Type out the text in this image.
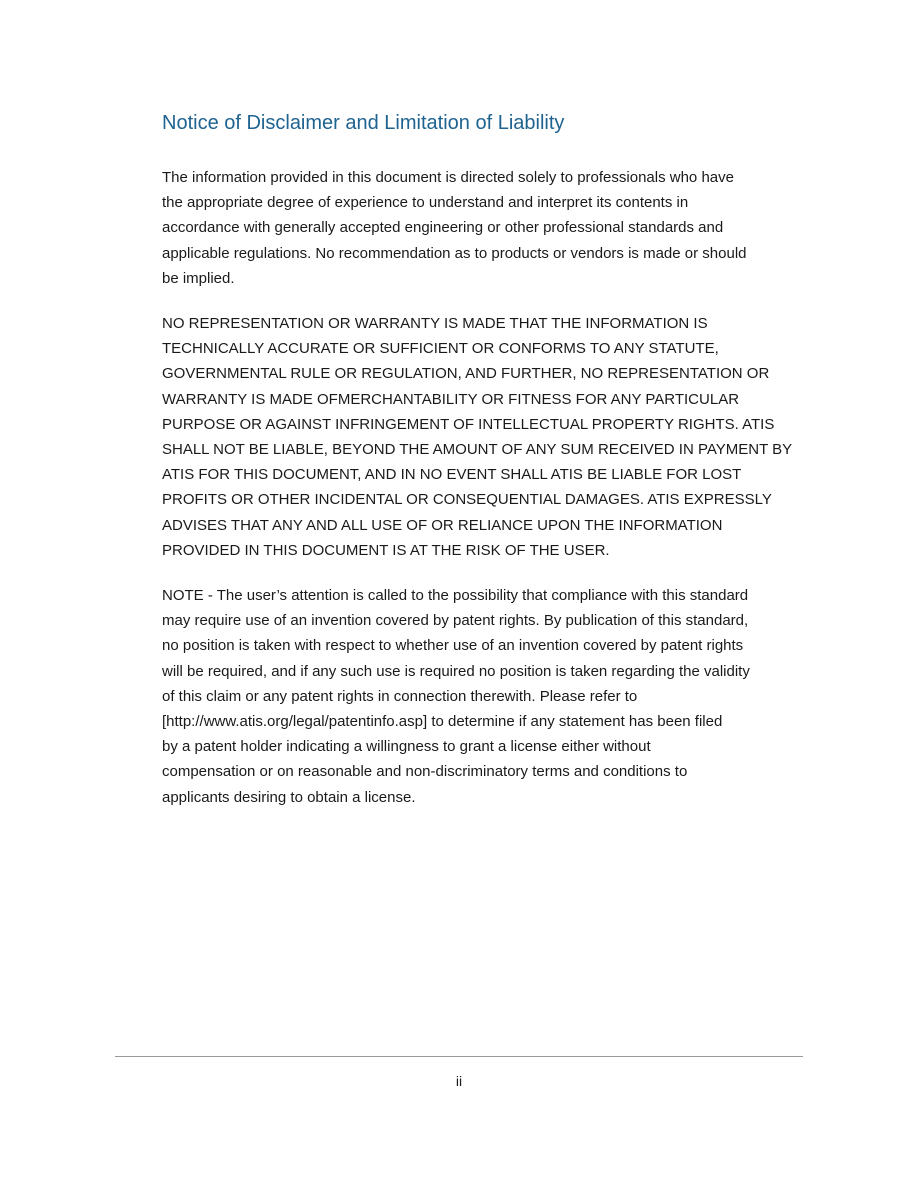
Notice of Disclaimer and Limitation of Liability

The information provided in this document is directed solely to professionals who have
the appropriate degree of experience to understand and interpret its contents in
accordance with generally accepted engineering or other professional standards and
applicable regulations. No recommendation as to products or vendors is made or should
be implied.

NO REPRESENTATION OR WARRANTY IS MADE THAT THE INFORMATION IS
TECHNICALLY ACCURATE OR SUFFICIENT OR CONFORMS TO ANY STATUTE,
GOVERNMENTAL RULE OR REGULATION, AND FURTHER, NO REPRESENTATION OR
WARRANTY IS MADE OFMERCHANTABILITY OR FITNESS FOR ANY PARTICULAR
PURPOSE OR AGAINST INFRINGEMENT OF INTELLECTUAL PROPERTY RIGHTS. ATIS
SHALL NOT BE LIABLE, BEYOND THE AMOUNT OF ANY SUM RECEIVED IN PAYMENT BY
ATIS FOR THIS DOCUMENT, AND IN NO EVENT SHALL ATIS BE LIABLE FOR LOST
PROFITS OR OTHER INCIDENTAL OR CONSEQUENTIAL DAMAGES. ATIS EXPRESSLY
ADVISES THAT ANY AND ALL USE OF OR RELIANCE UPON THE INFORMATION
PROVIDED IN THIS DOCUMENT IS AT THE RISK OF THE USER.

NOTE - The user’s attention is called to the possibility that compliance with this standard
may require use of an invention covered by patent rights. By publication of this standard,
no position is taken with respect to whether use of an invention covered by patent rights
will be required, and if any such use is required no position is taken regarding the validity
of this claim or any patent rights in connection therewith. Please refer to
[http://www.atis.org/legal/patentinfo.asp] to determine if any statement has been filed
by a patent holder indicating a willingness to grant a license either without
compensation or on reasonable and non-discriminatory terms and conditions to
applicants desiring to obtain a license.

ii
